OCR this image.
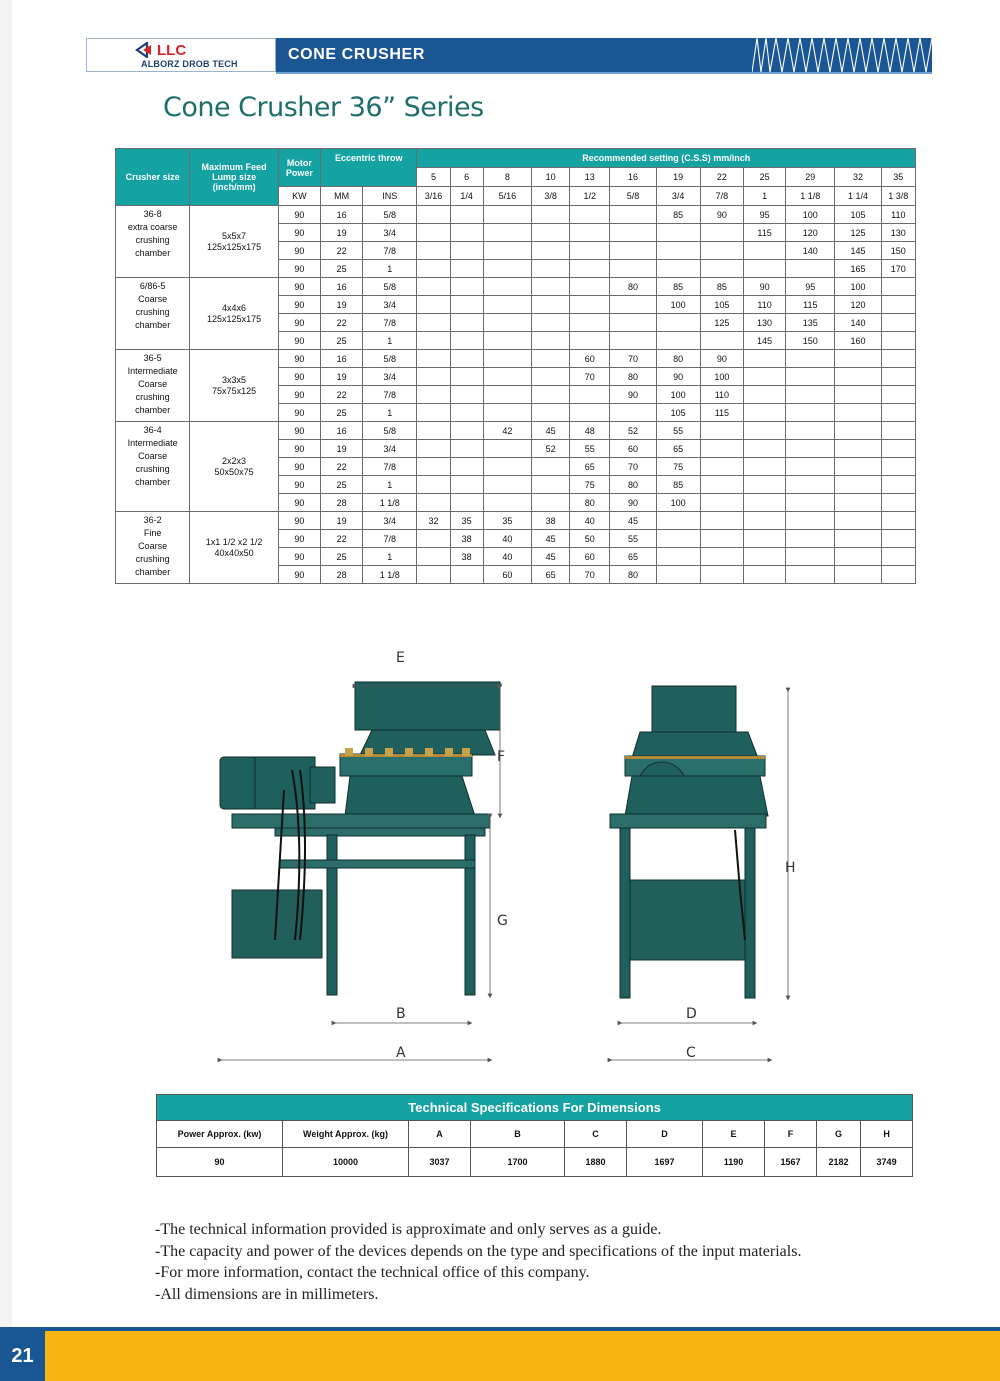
LLC
ALBORZ DROB TECH
CONE CRUSHER
Cone Crusher 36” Series
Crusher size	Maximum Feed Lump size (inch/mm)	Motor Power	Eccentric throw		Recommended setting (C.S.S) mm/inch											
					5	6	8	10	13	16	19	22	25	29	32	35
		KW	MM	INS	3/16	1/4	5/16	3/8	1/2	5/8	3/4	7/8	1	1 1/8	1 1/4	1 3/8
36-8
extra coarse
crushing
chamber	5x5x7
125x125x175	90	16	5/8							85	90	95	100	105	110
		90	19	3/4									115	120	125	130
		90	22	7/8										140	145	150
		90	25	1											165	170
6/86-5
Coarse
crushing
chamber	4x4x6
125x125x175	90	16	5/8						80	85	85	90	95	100	
		90	19	3/4							100	105	110	115	120	
		90	22	7/8								125	130	135	140	
		90	25	1									145	150	160	
36-5
Intermediate
Coarse
crushing
chamber	3x3x5
75x75x125	90	16	5/8					60	70	80	90				
		90	19	3/4					70	80	90	100				
		90	22	7/8						90	100	110				
		90	25	1							105	115				
36-4
Intermediate
Coarse
crushing
chamber	2x2x3
50x50x75	90	16	5/8			42	45	48	52	55					
		90	19	3/4				52	55	60	65					
		90	22	7/8					65	70	75					
		90	25	1					75	80	85					
		90	28	1 1/8					80	90	100					
36-2
Fine
Coarse
crushing
chamber	1x1 1/2 x2 1/2
40x40x50	90	19	3/4	32	35	35	38	40	45						
		90	22	7/8		38	40	45	50	55						
		90	25	1		38	40	45	60	65						
		90	28	1 1/8			60	65	70	80						
E
F
G
B
A
D
C
H
Technical Specifications For Dimensions									
Power Approx. (kw)	Weight Approx. (kg)	A	B	C	D	E	F	G	H
90	10000	3037	1700	1880	1697	1190	1567	2182	3749
-The technical information provided is approximate and only serves as a guide.
-The capacity and power of the devices depends on the type and specifications of the input materials.
-For more information, contact the technical office of this company.
-All dimensions are in millimeters.
21
